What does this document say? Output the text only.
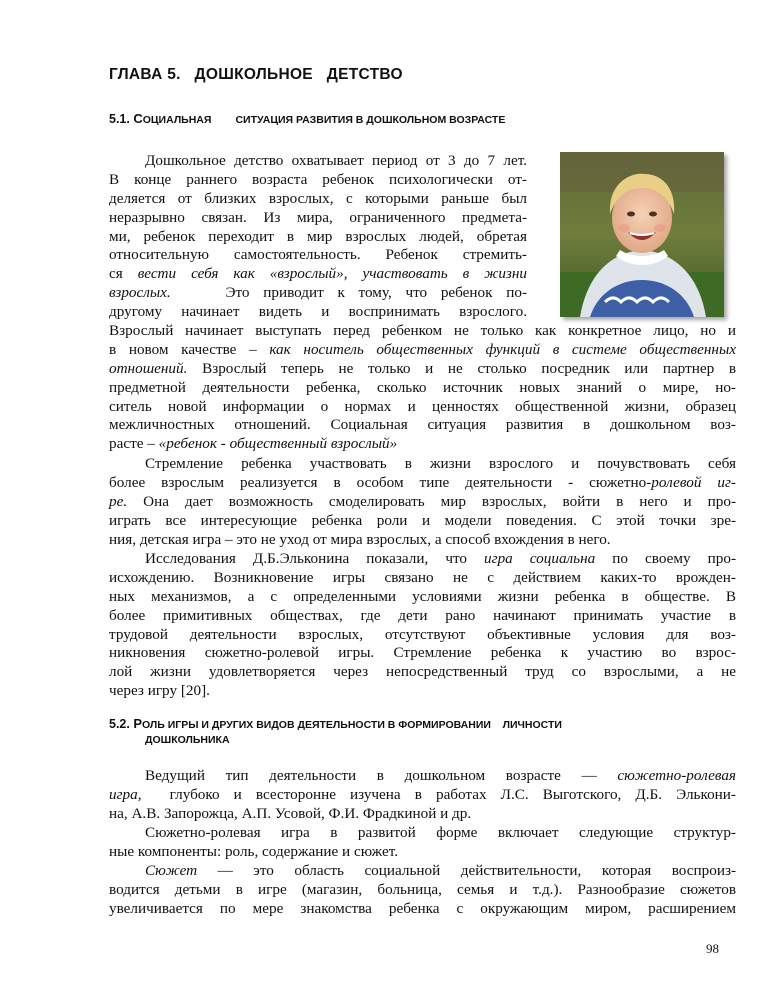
ГЛАВА 5.   ДОШКОЛЬНОЕ   ДЕТСТВО
5.1. СОЦИАЛЬНАЯ СИТУАЦИЯ РАЗВИТИЯ В ДОШКОЛЬНОМ ВОЗРАСТЕ
Дошкольное детство охватывает период от 3 до 7 лет.
В конце раннего возраста ребенок психологически от-
деляется от близких взрослых, с которыми раньше был
неразрывно связан. Из мира, ограниченного предмета-
ми, ребенок переходит в мир взрослых людей, обретая
относительную самостоятельность. Ребенок стремить-
ся вести себя как «взрослый», участвовать в жизни
взрослых.    Это приводит к тому, что ребенок по-
другому начинает видеть и воспринимать взрослого.
Взрослый начинает выступать перед ребенком не только как конкретное лицо, но и
в новом качестве – как носитель общественных функций в системе общественных
отношений. Взрослый теперь не только и не столько посредник или партнер в
предметной деятельности ребенка, сколько источник новых знаний о мире, но-
ситель новой информации о нормах и ценностях общественной жизни, образец
межличностных отношений. Социальная ситуация развития в дошкольном воз-
расте – «ребенок - общественный взрослый»
Стремление ребенка участвовать в жизни взрослого и почувствовать себя
более взрослым реализуется в особом типе деятельности - сюжетно-ролевой иг-
ре. Она дает возможность смоделировать мир взрослых, войти в него и про-
играть все интересующие ребенка роли и модели поведения. С этой точки зре-
ния, детская игра – это не уход от мира взрослых, а способ вхождения в него.
Исследования Д.Б.Эльконина показали, что игра социальна по своему про-
исхождению. Возникновение игры связано не с действием каких-то врожден-
ных механизмов, а с определенными условиями жизни ребенка в обществе. В
более примитивных обществах, где дети рано начинают принимать участие в
трудовой деятельности взрослых, отсутствуют объективные условия для воз-
никновения сюжетно-ролевой игры. Стремление ребенка к участию во взрос-
лой жизни удовлетворяется через непосредственный труд со взрослыми, а не
через игру [20].
5.2. РОЛЬ ИГРЫ И ДРУГИХ ВИДОВ ДЕЯТЕЛЬНОСТИ В ФОРМИРОВАНИИ    ЛИЧНОСТИ
ДОШКОЛЬНИКА
Ведущий тип деятельности в дошкольном возрасте — сюжетно-ролевая
игра,  глубоко и всесторонне изучена в работах Л.С. Выготского, Д.Б. Элькони-
на, А.В. Запорожца, А.П. Усовой, Ф.И. Фрадкиной и др.
Сюжетно-ролевая игра в развитой форме включает следующие структур-
ные компоненты: роль, содержание и сюжет.
Сюжет — это область социальной действительности, которая воспроиз-
водится детьми в игре (магазин, больница, семья и т.д.). Разнообразие сюжетов
увеличивается по мере знакомства ребенка с окружающим миром, расширением
98
